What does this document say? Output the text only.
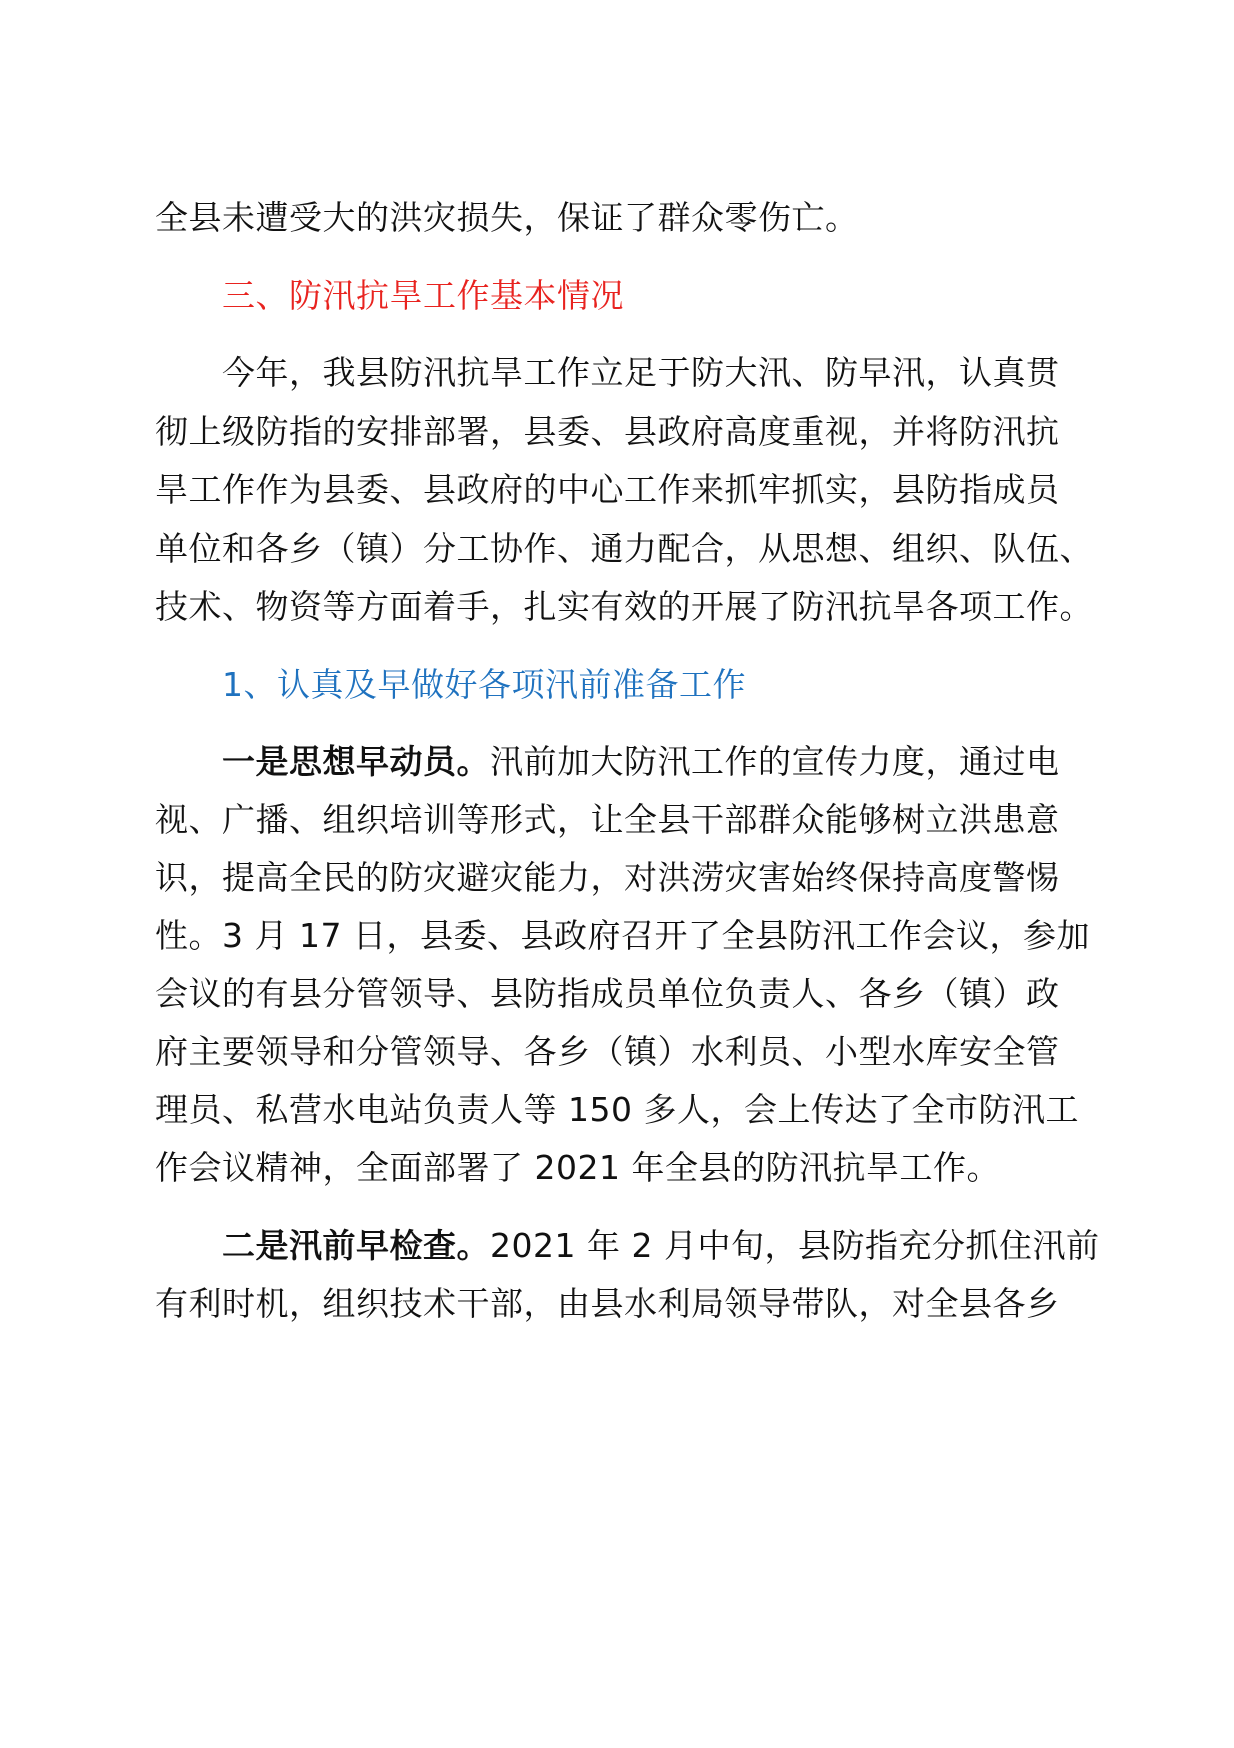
全县未遭受大的洪灾损失，保证了群众零伤亡。
三、防汛抗旱工作基本情况
今年，我县防汛抗旱工作立足于防大汛、防早汛，认真贯
彻上级防指的安排部署，县委、县政府高度重视，并将防汛抗
旱工作作为县委、县政府的中心工作来抓牢抓实，县防指成员
单位和各乡（镇）分工协作、通力配合，从思想、组织、队伍、
技术、物资等方面着手，扎实有效的开展了防汛抗旱各项工作。
1、认真及早做好各项汛前准备工作
一是思想早动员。汛前加大防汛工作的宣传力度，通过电
视、广播、组织培训等形式，让全县干部群众能够树立洪患意
识，提高全民的防灾避灾能力，对洪涝灾害始终保持高度警惕
性。3 月 17 日，县委、县政府召开了全县防汛工作会议，参加
会议的有县分管领导、县防指成员单位负责人、各乡（镇）政
府主要领导和分管领导、各乡（镇）水利员、小型水库安全管
理员、私营水电站负责人等 150 多人，会上传达了全市防汛工
作会议精神，全面部署了 2021 年全县的防汛抗旱工作。
二是汛前早检查。2021 年 2 月中旬，县防指充分抓住汛前
有利时机，组织技术干部，由县水利局领导带队，对全县各乡
